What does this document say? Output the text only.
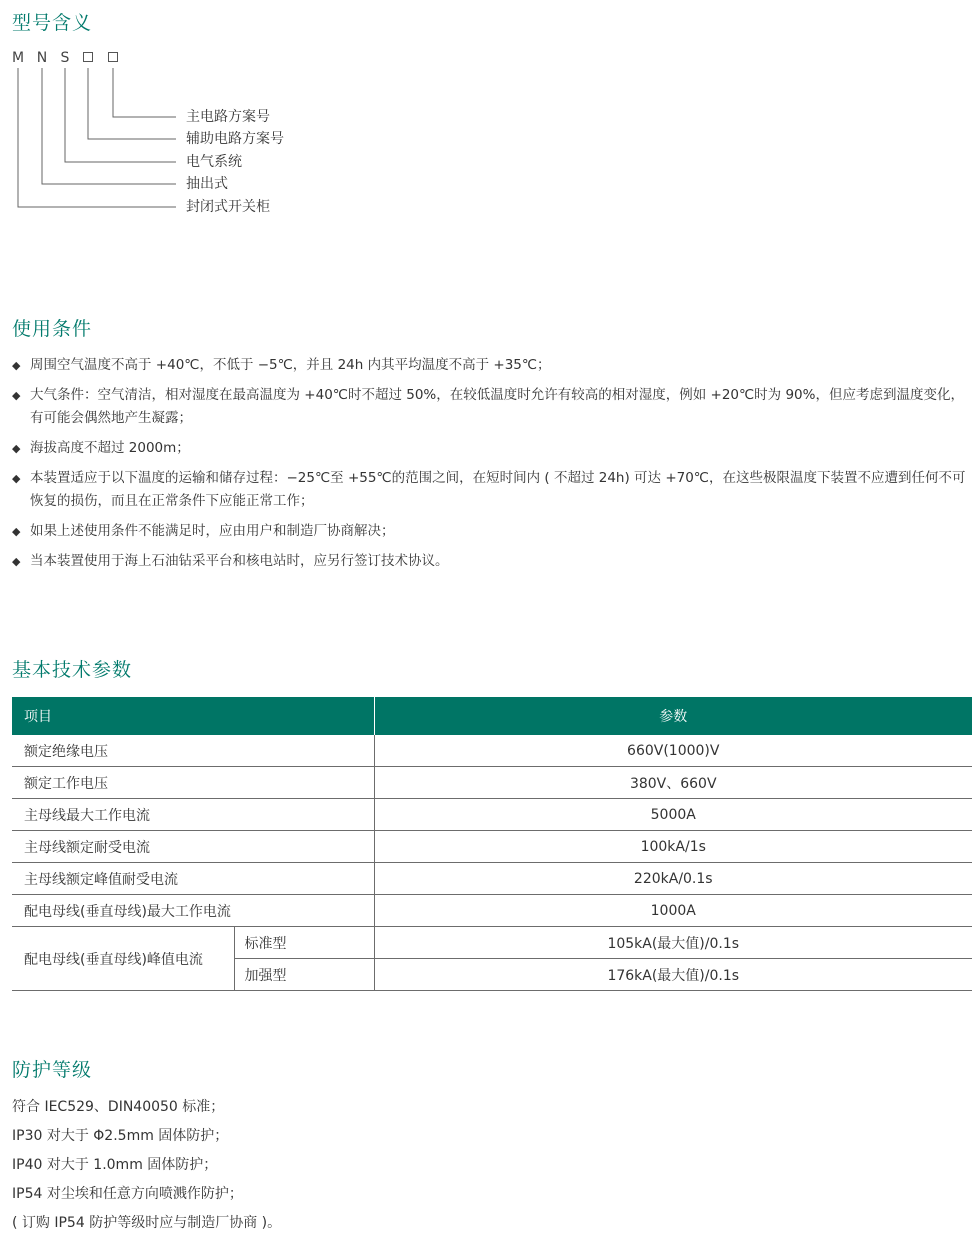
型号含义
M N S
主电路方案号
辅助电路方案号
电气系统
抽出式
封闭式开关柜
使用条件
◆ 周围空气温度不高于 +40℃，不低于 −5℃，并且 24h 内其平均温度不高于 +35℃；
◆ 大气条件：空气清洁，相对湿度在最高温度为 +40℃时不超过 50%，在较低温度时允许有较高的相对湿度，例如 +20℃时为 90%，但应考虑到温度变化，有可能会偶然地产生凝露；
◆ 海拔高度不超过 2000m；
◆ 本装置适应于以下温度的运输和储存过程：−25℃至 +55℃的范围之间，在短时间内 ( 不超过 24h) 可达 +70℃，在这些极限温度下装置不应遭到任何不可恢复的损伤，而且在正常条件下应能正常工作；
◆ 如果上述使用条件不能满足时，应由用户和制造厂协商解决；
◆ 当本装置使用于海上石油钻采平台和核电站时，应另行签订技术协议。
基本技术参数
项目		参数
额定绝缘电压		660V(1000)V
额定工作电压		380V、660V
主母线最大工作电流		5000A
主母线额定耐受电流		100kA/1s
主母线额定峰值耐受电流		220kA/0.1s
配电母线(垂直母线)最大工作电流		1000A
配电母线(垂直母线)峰值电流	标准型	105kA(最大值)/0.1s
	加强型	176kA(最大值)/0.1s
防护等级
符合 IEC529、DIN40050 标准；
IP30 对大于 Φ2.5mm 固体防护；
IP40 对大于 1.0mm 固体防护；
IP54 对尘埃和任意方向喷溅作防护；
( 订购 IP54 防护等级时应与制造厂协商 )。
